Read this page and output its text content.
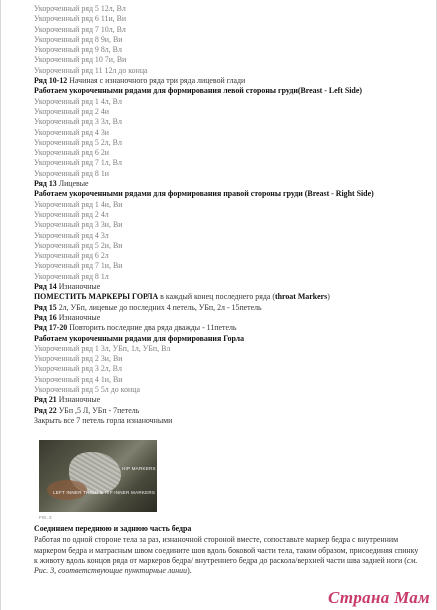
Укороченный ряд 5 12л, Вл
Укороченный ряд 6 11и, Ви
Укороченный ряд 7 10л, Вл
Укороченный ряд 8 9и, Ви
Укороченный ряд 9 8л, Вл
Укороченный ряд 10 7и, Ви
Укороченный ряд 11 12л до конца
Ряд 10-12 Начиная с изнаночного ряда три ряда лицевой глади
Работаем укороченными рядами для формирования левой стороны груди(Breast - Left Side)
Укороченный ряд 1 4л, Вл
Укороченный ряд 2 4и
Укороченный ряд 3 3л, Вл
Укороченный ряд 4 3и
Укороченный ряд 5 2л, Вл
Укороченный ряд 6 2и
Укороченный ряд 7 1л, Вл
Укороченный ряд 8 1и
Ряд 13 Лицевые
Работаем укороченными рядами для формирования правой стороны груди (Breast - Right Side)
Укороченный ряд 1 4и, Ви
Укороченный ряд 2 4л
Укороченный ряд 3 3и, Ви
Укороченный ряд 4 3л
Укороченный ряд 5 2и, Ви
Укороченный ряд 6 2л
Укороченный ряд 7 1и, Ви
Укороченный ряд 8 1л
Ряд 14 Изнаночные
ПОМЕСТИТЬ МАРКЕРЫ ГОРЛА в каждый конец последнего ряда (throat Markers)
Ряд 15 2л, УБп, лицевые до последних 4 петель, УБп, 2л - 15петель
Ряд 16 Изнаночные
Ряд 17-20 Повторить последние два ряда дважды - 11петель
Работаем укороченными рядами для формирования Горла
Укороченный ряд 1 3л, УБп, 1л, УБп, Вл
Укороченный ряд 2 3и, Ви
Укороченный ряд 3 2л, Вл
Укороченный ряд 4 1и, Ви
Укороченный ряд 5 5л до конца
Ряд 21 Изнаночные
Ряд 22 УБп ,5 Л, УБп - 7петель
Закрыть все 7 петель горла изнаночными
HIP MARKERS
LEFT INNER THIGH & HIP INNER MARKERS
FIG. 3
Соединяем переднюю и заднюю часть бедра
Работая по одной стороне тела за раз, изнаночной стороной вместе, сопоставьте маркер бедра с внутренним маркером бедра и матрасным швом соедините шов вдоль боковой части тела, таким образом, присоединяя спинку к животу вдоль концов ряда от маркеров бедра/ внутреннего бедра до раскола/верхней части шва задней ноги (см. Рис. 3, соответствующие пунктирные линии).
Страна Мам
